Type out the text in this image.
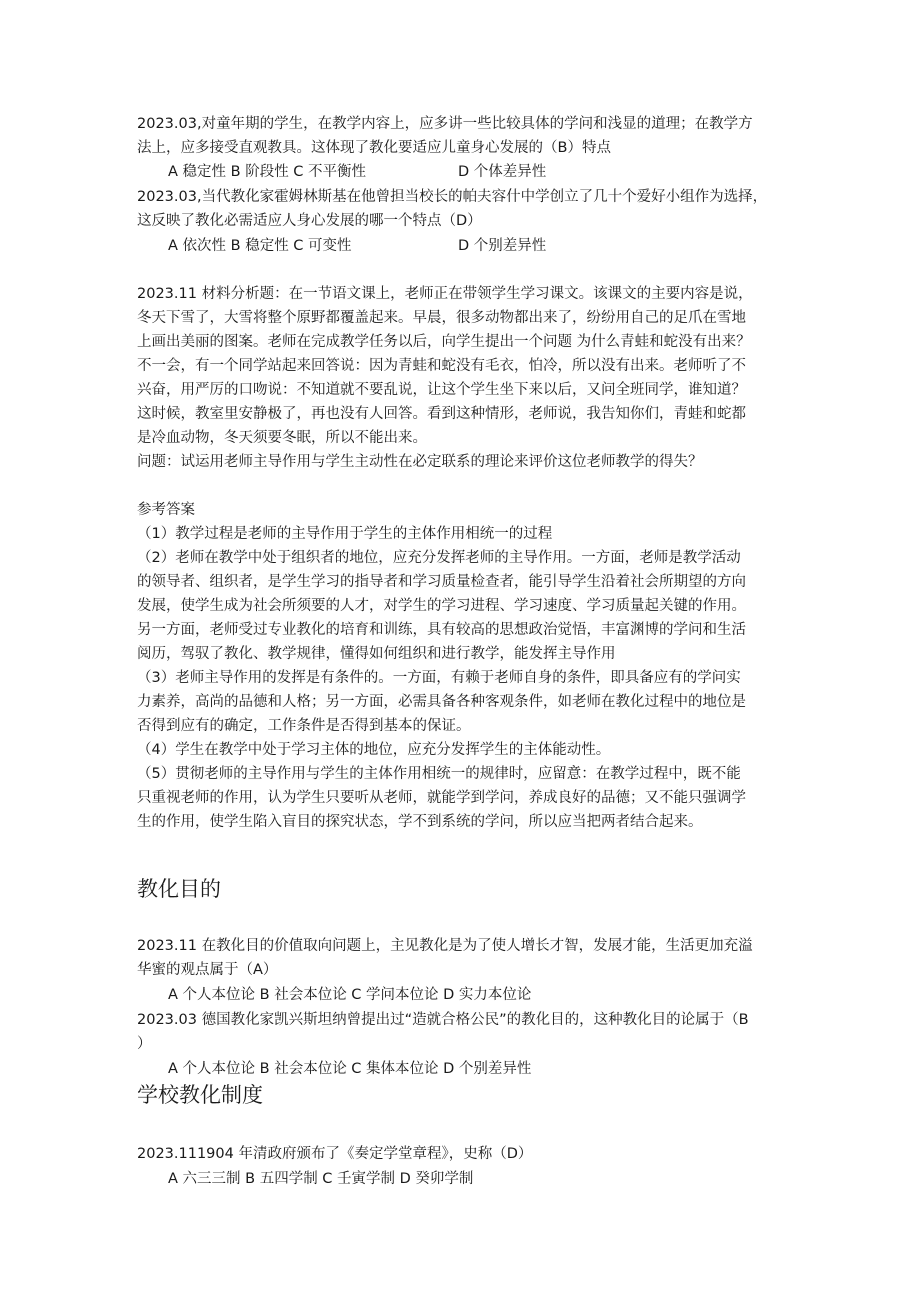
2023.03,对童年期的学生，在教学内容上，应多讲一些比较具体的学问和浅显的道理；在教学方
法上，应多接受直观教具。这体现了教化要适应儿童身心发展的（B）特点
A 稳定性 B 阶段性 C 不平衡性	D 个体差异性
2023.03,当代教化家霍姆林斯基在他曾担当校长的帕夫容什中学创立了几十个爱好小组作为选择，
这反映了教化必需适应人身心发展的哪一个特点（D）
A 依次性 B 稳定性 C 可变性	D 个别差异性
2023.11 材料分析题：在一节语文课上，老师正在带领学生学习课文。该课文的主要内容是说，
冬天下雪了，大雪将整个原野都覆盖起来。早晨，很多动物都出来了，纷纷用自己的足爪在雪地
上画出美丽的图案。老师在完成教学任务以后，向学生提出一个问题 为什么青蛙和蛇没有出来？
不一会，有一个同学站起来回答说：因为青蛙和蛇没有毛衣，怕冷，所以没有出来。老师听了不
兴奋，用严厉的口吻说：不知道就不要乱说，让这个学生坐下来以后，又问全班同学，谁知道？
这时候，教室里安静极了，再也没有人回答。看到这种情形，老师说，我告知你们，青蛙和蛇都
是冷血动物，冬天须要冬眠，所以不能出来。
问题：试运用老师主导作用与学生主动性在必定联系的理论来评价这位老师教学的得失？
参考答案
（1）教学过程是老师的主导作用于学生的主体作用相统一的过程
（2）老师在教学中处于组织者的地位，应充分发挥老师的主导作用。一方面，老师是教学活动
的领导者、组织者，是学生学习的指导者和学习质量检查者，能引导学生沿着社会所期望的方向
发展，使学生成为社会所须要的人才，对学生的学习进程、学习速度、学习质量起关键的作用。
另一方面，老师受过专业教化的培育和训练，具有较高的思想政治觉悟，丰富渊博的学问和生活
阅历，驾驭了教化、教学规律，懂得如何组织和进行教学，能发挥主导作用
（3）老师主导作用的发挥是有条件的。一方面，有赖于老师自身的条件，即具备应有的学问实
力素养，高尚的品德和人格；另一方面，必需具备各种客观条件，如老师在教化过程中的地位是
否得到应有的确定，工作条件是否得到基本的保证。
（4）学生在教学中处于学习主体的地位，应充分发挥学生的主体能动性。
（5）贯彻老师的主导作用与学生的主体作用相统一的规律时，应留意：在教学过程中，既不能
只重视老师的作用，认为学生只要听从老师，就能学到学问，养成良好的品德；又不能只强调学
生的作用，使学生陷入盲目的探究状态，学不到系统的学问，所以应当把两者结合起来。
教化目的
2023.11 在教化目的价值取向问题上，主见教化是为了使人增长才智，发展才能，生活更加充溢
华蜜的观点属于（A）
A 个人本位论 B 社会本位论 C 学问本位论 D 实力本位论
2023.03 德国教化家凯兴斯坦纳曾提出过“造就合格公民”的教化目的，这种教化目的论属于（B
）
A 个人本位论 B 社会本位论 C 集体本位论 D 个别差异性
学校教化制度
2023.111904 年清政府颁布了《奏定学堂章程》，史称（D）
A 六三三制 B 五四学制 C 壬寅学制 D 癸卯学制
